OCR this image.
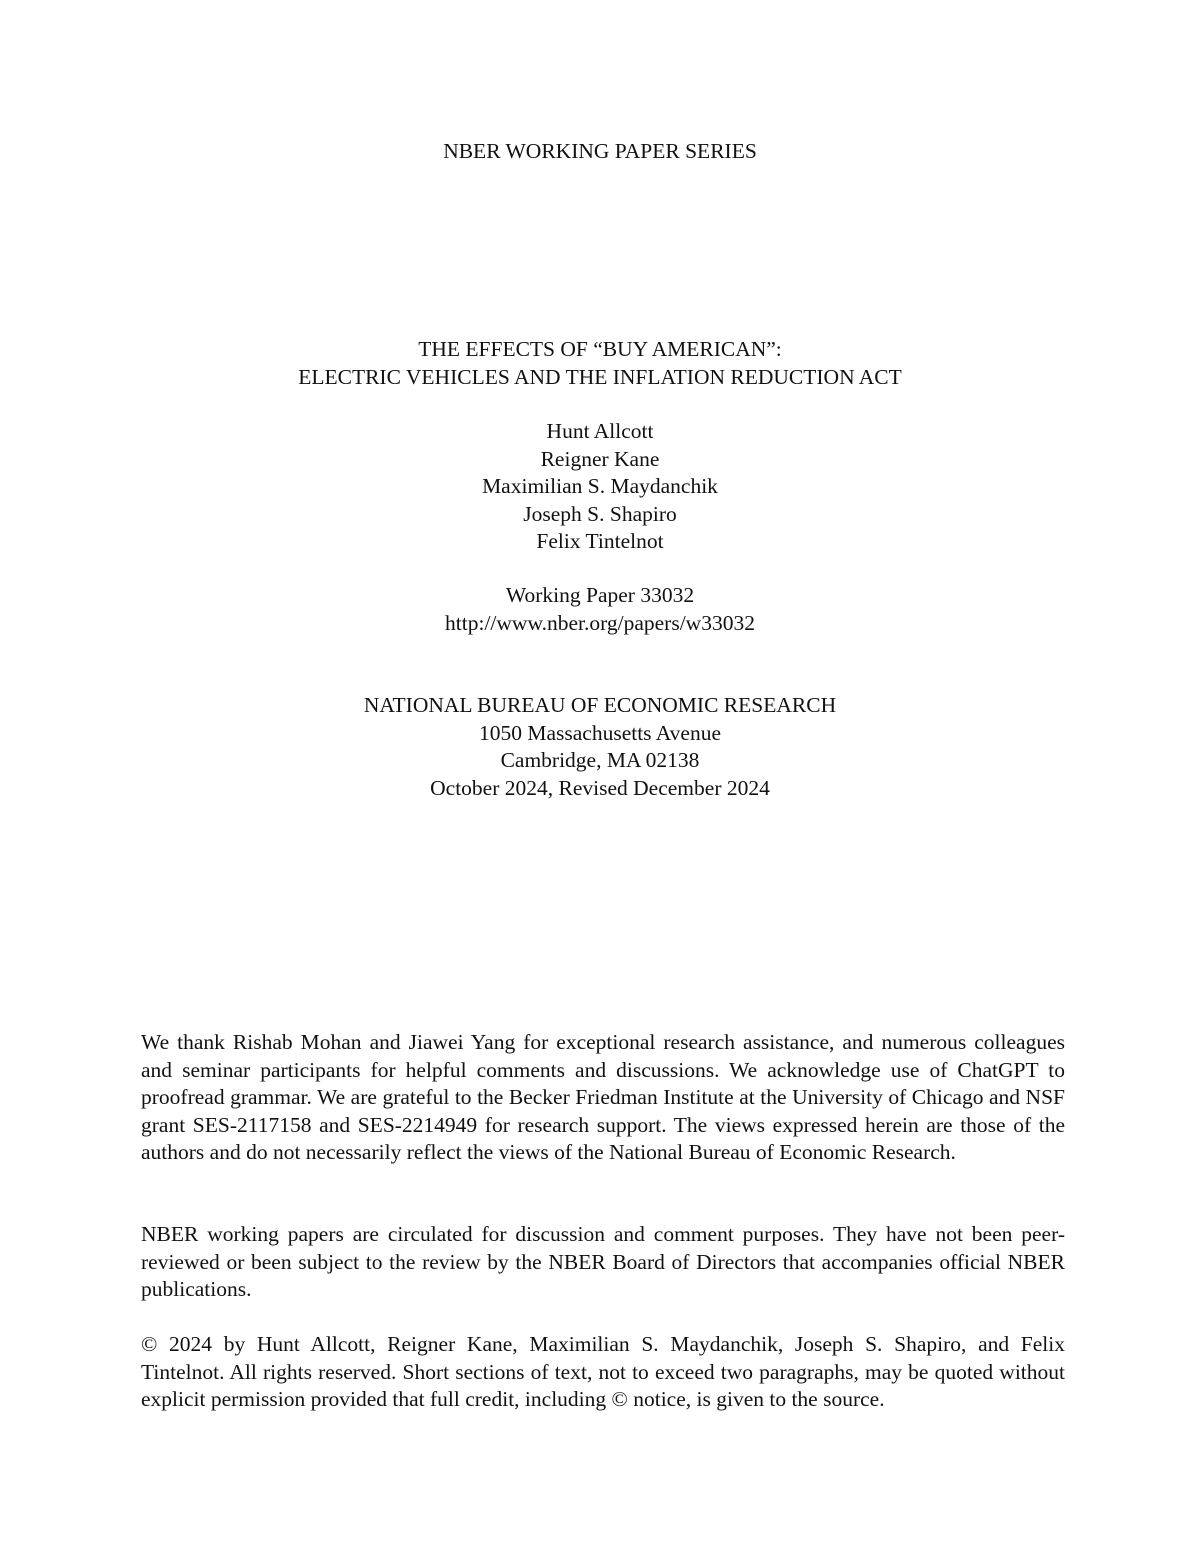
NBER WORKING PAPER SERIES
THE EFFECTS OF “BUY AMERICAN”:
ELECTRIC VEHICLES AND THE INFLATION REDUCTION ACT
Hunt Allcott
Reigner Kane
Maximilian S. Maydanchik
Joseph S. Shapiro
Felix Tintelnot
Working Paper 33032
http://www.nber.org/papers/w33032
NATIONAL BUREAU OF ECONOMIC RESEARCH
1050 Massachusetts Avenue
Cambridge, MA 02138
October 2024, Revised December 2024

We thank Rishab Mohan and Jiawei Yang for exceptional research assistance, and numerous colleagues and seminar participants for helpful comments and discussions. We acknowledge use of ChatGPT to proofread grammar. We are grateful to the Becker Friedman Institute at the University of Chicago and NSF grant SES-2117158 and SES-2214949 for research support. The views expressed herein are those of the authors and do not necessarily reflect the views of the National Bureau of Economic Research.

NBER working papers are circulated for discussion and comment purposes. They have not been peer-reviewed or been subject to the review by the NBER Board of Directors that accompanies official NBER publications.

© 2024 by Hunt Allcott, Reigner Kane, Maximilian S. Maydanchik, Joseph S. Shapiro, and Felix Tintelnot. All rights reserved. Short sections of text, not to exceed two paragraphs, may be quoted without explicit permission provided that full credit, including © notice, is given to the source.
